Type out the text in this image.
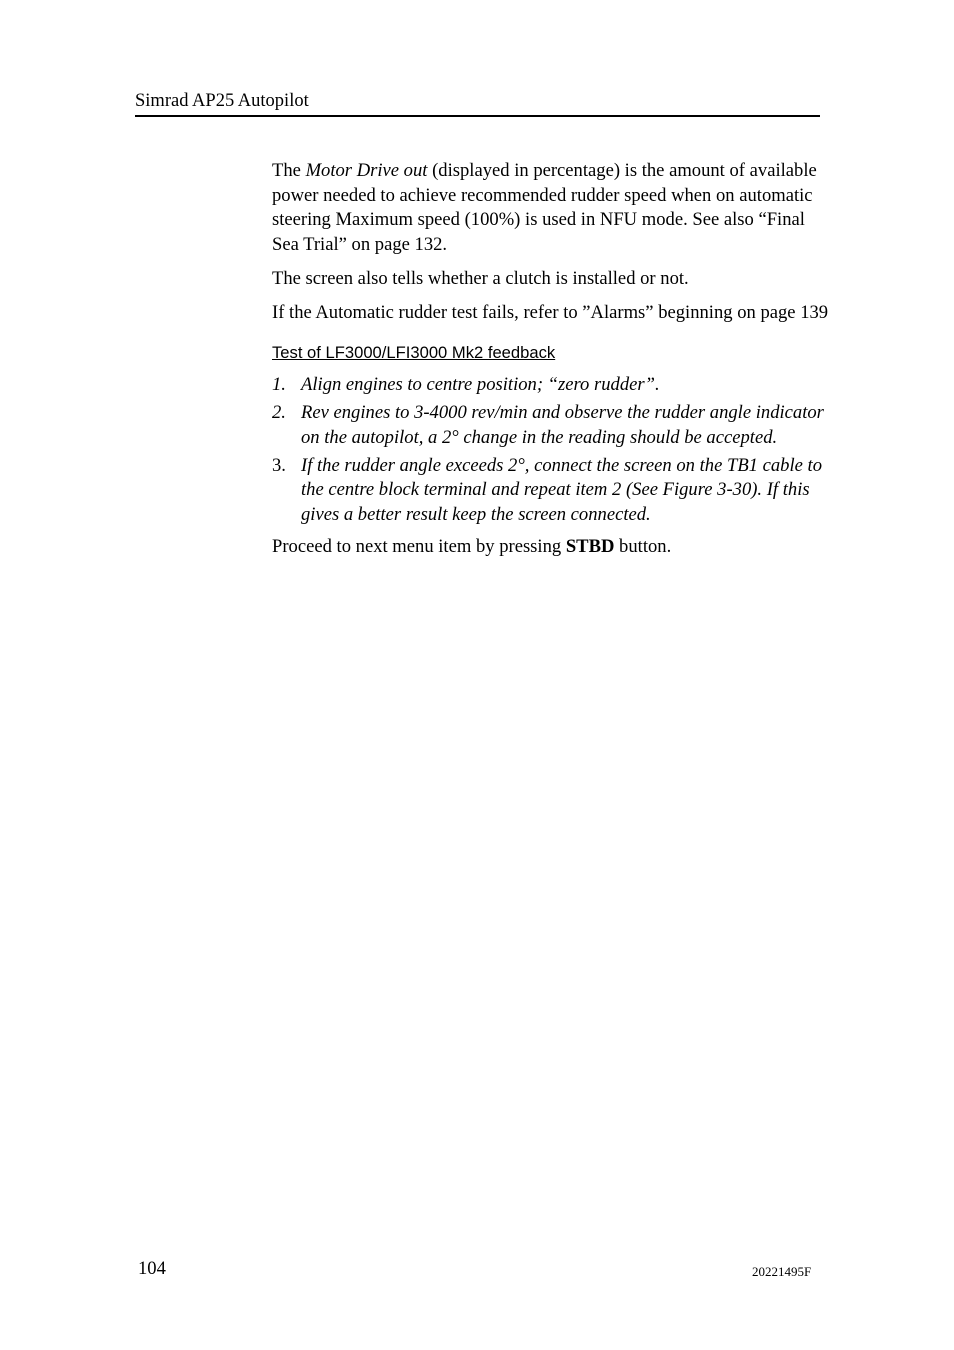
Simrad AP25 Autopilot

The Motor Drive out (displayed in percentage) is the amount of available power needed to achieve recommended rudder speed when on automatic steering Maximum speed (100%) is used in NFU mode. See also “Final Sea Trial” on page 132.

The screen also tells whether a clutch is installed or not.

If the Automatic rudder test fails, refer to ”Alarms” beginning on page 139

Test of LF3000/LFI3000 Mk2 feedback
1. Align engines to centre position; “zero rudder”.
2. Rev engines to 3-4000 rev/min and observe the rudder angle indicator on the autopilot, a 2° change in the reading should be accepted.
3. If the rudder angle exceeds 2°, connect the screen on the TB1 cable to the centre block terminal and repeat item 2 (See Figure 3-30). If this gives a better result keep the screen connected.

Proceed to next menu item by pressing STBD button.

104	20221495F
